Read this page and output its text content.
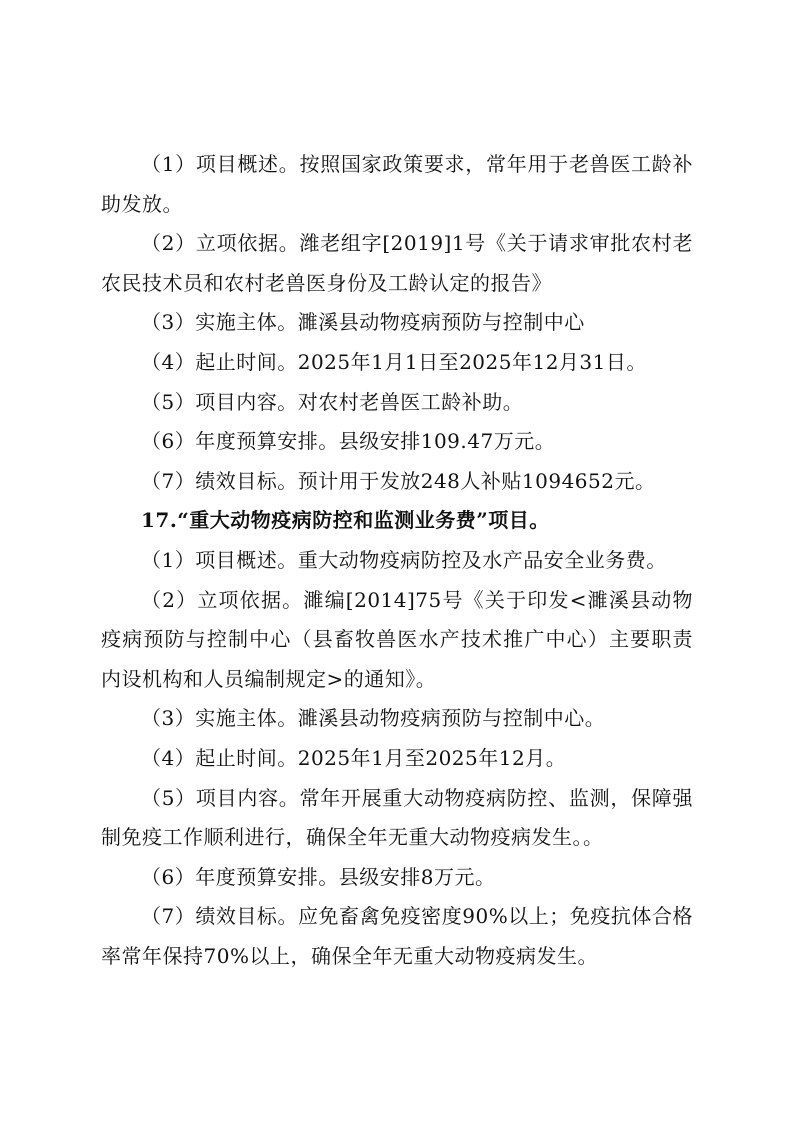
（1）项目概述。按照国家政策要求，常年用于老兽医工龄补助发放。

（2）立项依据。潍老组字[2019]1号《关于请求审批农村老农民技术员和农村老兽医身份及工龄认定的报告》

（3）实施主体。濉溪县动物疫病预防与控制中心

（4）起止时间。2025年1月1日至2025年12月31日。

（5）项目内容。对农村老兽医工龄补助。

（6）年度预算安排。县级安排109.47万元。

（7）绩效目标。预计用于发放248人补贴1094652元。

17.“重大动物疫病防控和监测业务费”项目。

（1）项目概述。重大动物疫病防控及水产品安全业务费。

（2）立项依据。濉编[2014]75号《关于印发<濉溪县动物疫病预防与控制中心（县畜牧兽医水产技术推广中心）主要职责内设机构和人员编制规定>的通知》。

（3）实施主体。濉溪县动物疫病预防与控制中心。

（4）起止时间。2025年1月至2025年12月。

（5）项目内容。常年开展重大动物疫病防控、监测，保障强制免疫工作顺利进行，确保全年无重大动物疫病发生。。

（6）年度预算安排。县级安排8万元。

（7）绩效目标。应免畜禽免疫密度90%以上；免疫抗体合格率常年保持70%以上，确保全年无重大动物疫病发生。
